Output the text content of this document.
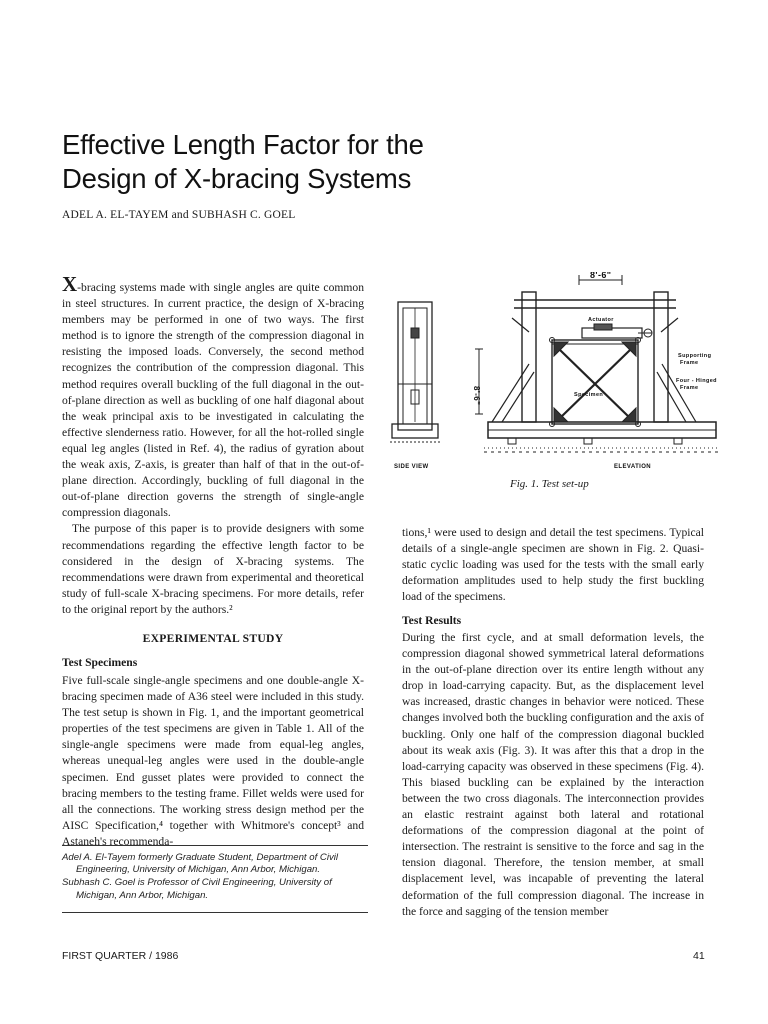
Effective Length Factor for the
Design of X-bracing Systems
ADEL A. EL-TAYEM and SUBHASH C. GOEL

X-bracing systems made with single angles are quite common in steel structures. In current practice, the design of X-bracing members may be performed in one of two ways. The first method is to ignore the strength of the compression diagonal in resisting the imposed loads. Conversely, the second method recognizes the contribution of the compression diagonal. This method requires overall buckling of the full diagonal in the out-of-plane direction as well as buckling of one half diagonal about the weak principal axis to be investigated in calculating the effective slenderness ratio. However, for all the hot-rolled single equal leg angles (listed in Ref. 4), the radius of gyration about the weak axis, Z-axis, is greater than half of that in the out-of-plane direction. Accordingly, buckling of full diagonal in the out-of-plane direction governs the strength of single-angle compression diagonals.

The purpose of this paper is to provide designers with some recommendations regarding the effective length factor to be considered in the design of X-bracing systems. The recommendations were drawn from experimental and theoretical study of full-scale X-bracing specimens. For more details, refer to the original report by the authors.²

EXPERIMENTAL STUDY
Test Specimens

Five full-scale single-angle specimens and one double-angle X-bracing specimen made of A36 steel were included in this study. The test setup is shown in Fig. 1, and the important geometrical properties of the test specimens are given in Table 1. All of the single-angle specimens were made from equal-leg angles, whereas unequal-leg angles were used in the double-angle specimen. End gusset plates were provided to connect the bracing members to the testing frame. Fillet welds were used for all the connections. The working stress design method per the AISC Specification,⁴ together with Whitmore's concept³ and Astaneh's recommenda-

Adel A. El-Tayem formerly Graduate Student, Department of Civil Engineering, University of Michigan, Ann Arbor, Michigan.

Subhash C. Goel is Professor of Civil Engineering, University of Michigan, Ann Arbor, Michigan.

8'-6"
8'-6"
Actuator
Supporting
Frame
Four - Hinged
Frame
Specimen
SIDE VIEW	ELEVATION
Fig. 1. Test set-up

tions,¹ were used to design and detail the test specimens. Typical details of a single-angle specimen are shown in Fig. 2. Quasi-static cyclic loading was used for the tests with the small early deformation amplitudes used to help study the first buckling load of the specimens.

Test Results

During the first cycle, and at small deformation levels, the compression diagonal showed symmetrical lateral deformations in the out-of-plane direction over its entire length without any drop in load-carrying capacity. But, as the displacement level was increased, drastic changes in behavior were noticed. These changes involved both the buckling configuration and the axis of buckling. Only one half of the compression diagonal buckled about its weak axis (Fig. 3). It was after this that a drop in the load-carrying capacity was observed in these specimens (Fig. 4). This biased buckling can be explained by the interaction between the two cross diagonals. The interconnection provides an elastic restraint against both lateral and rotational deformations of the compression diagonal at the point of intersection. The restraint is sensitive to the force and sag in the tension diagonal. Therefore, the tension member, at small displacement level, was incapable of preventing the lateral deformation of the full compression diagonal. The increase in the force and sagging of the tension member

FIRST QUARTER / 1986	41
